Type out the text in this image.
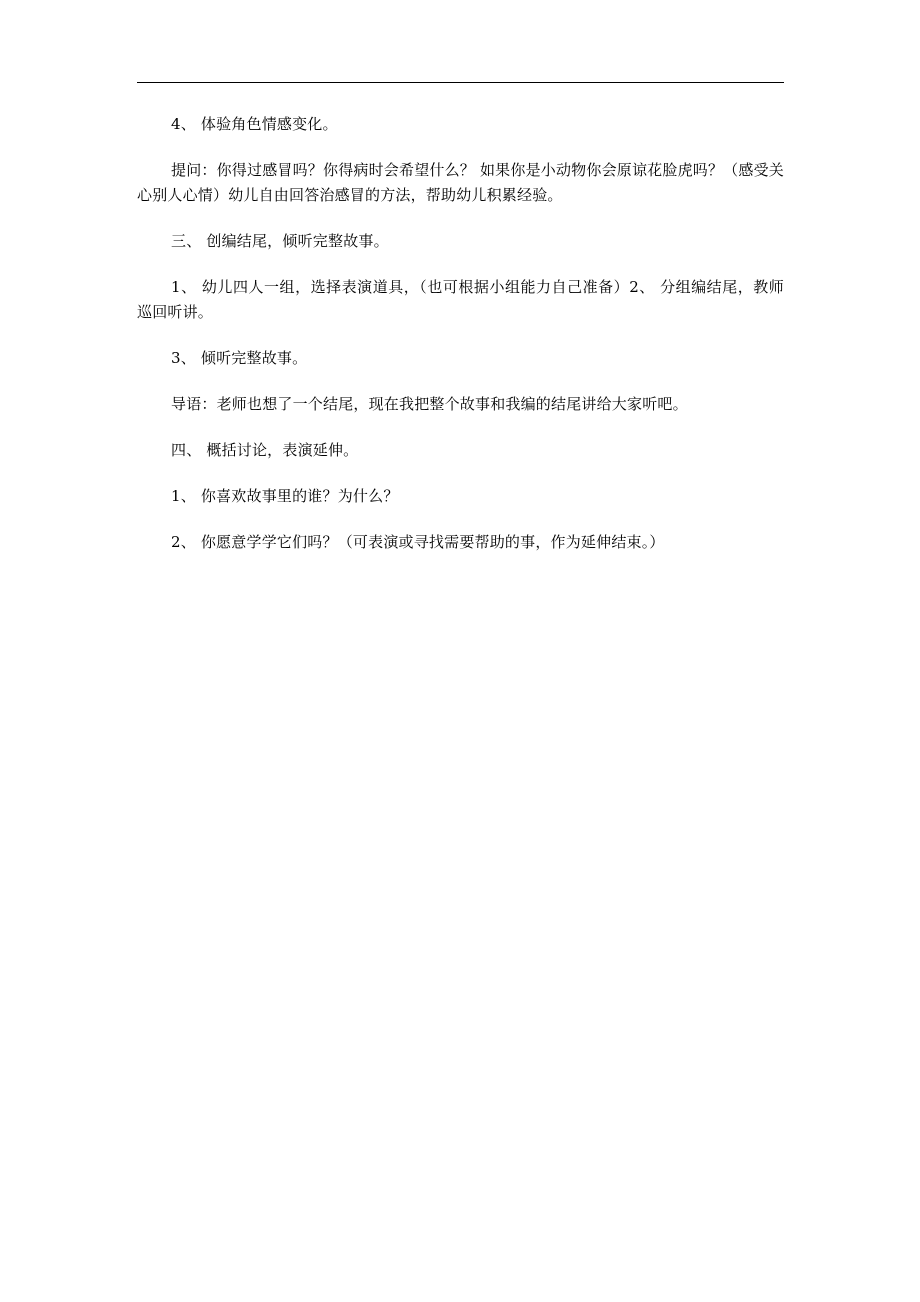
4、 体验角色情感变化。

提问：你得过感冒吗？你得病时会希望什么？ 如果你是小动物你会原谅花脸虎吗？（感受关心别人心情）幼儿自由回答治感冒的方法，帮助幼儿积累经验。

三、 创编结尾，倾听完整故事。

1、 幼儿四人一组，选择表演道具，（也可根据小组能力自己准备）2、 分组编结尾，教师巡回听讲。

3、 倾听完整故事。

导语：老师也想了一个结尾，现在我把整个故事和我编的结尾讲给大家听吧。

四、 概括讨论，表演延伸。

1、 你喜欢故事里的谁？为什么？

2、 你愿意学学它们吗？（可表演或寻找需要帮助的事，作为延伸结束。）
